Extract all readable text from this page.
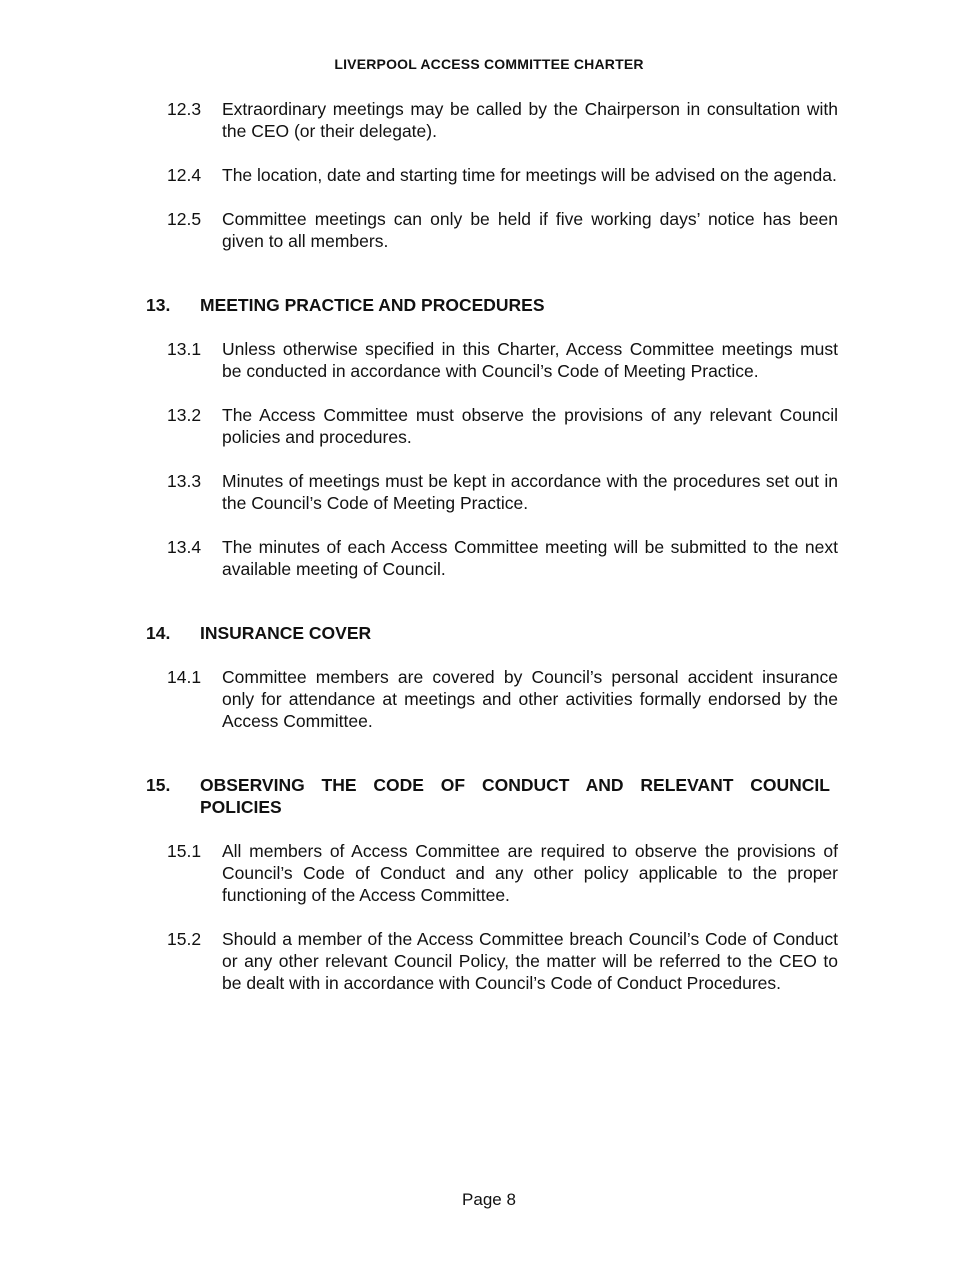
LIVERPOOL ACCESS COMMITTEE CHARTER
12.3 Extraordinary meetings may be called by the Chairperson in consultation with the CEO (or their delegate).
12.4 The location, date and starting time for meetings will be advised on the agenda.
12.5 Committee meetings can only be held if five working days’ notice has been given to all members.
13. MEETING PRACTICE AND PROCEDURES
13.1 Unless otherwise specified in this Charter, Access Committee meetings must be conducted in accordance with Council’s Code of Meeting Practice.
13.2 The Access Committee must observe the provisions of any relevant Council policies and procedures.
13.3 Minutes of meetings must be kept in accordance with the procedures set out in the Council’s Code of Meeting Practice.
13.4 The minutes of each Access Committee meeting will be submitted to the next available meeting of Council.
14. INSURANCE COVER
14.1 Committee members are covered by Council’s personal accident insurance only for attendance at meetings and other activities formally endorsed by the Access Committee.
15. OBSERVING THE CODE OF CONDUCT AND RELEVANT COUNCIL POLICIES
15.1 All members of Access Committee are required to observe the provisions of Council’s Code of Conduct and any other policy applicable to the proper functioning of the Access Committee.
15.2 Should a member of the Access Committee breach Council’s Code of Conduct or any other relevant Council Policy, the matter will be referred to the CEO to be dealt with in accordance with Council’s Code of Conduct Procedures.
Page 8
